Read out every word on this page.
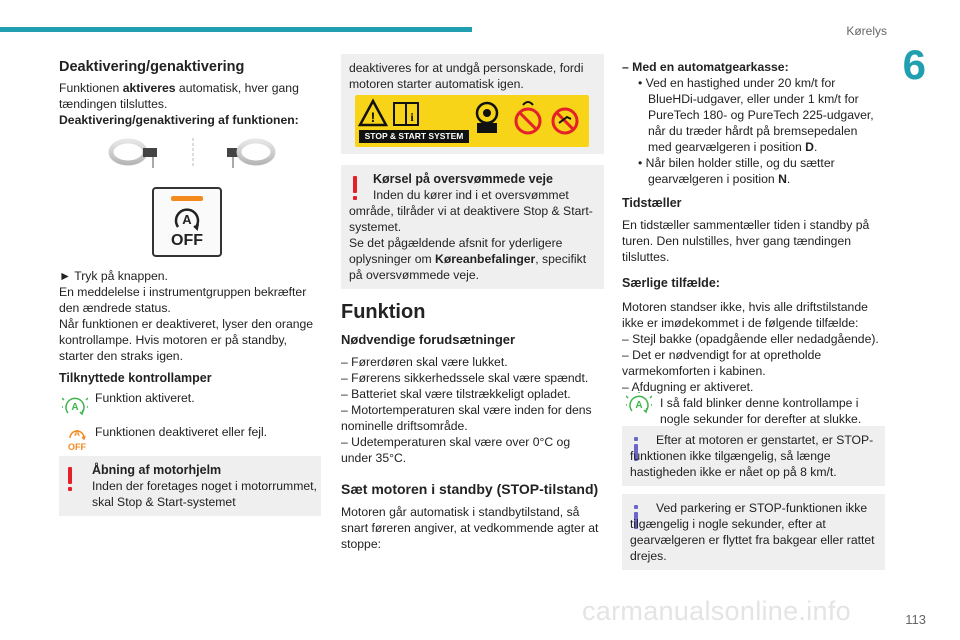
Kørelys
6
113
carmanualsonline.info
Deaktivering/genaktivering

Funktionen aktiveres automatisk, hver gang tændingen tilsluttes.

Deaktivering/genaktivering af funktionen:

A
OFF

► Tryk på knappen.

En meddelelse i instrumentgruppen bekræfter den ændrede status.

Når funktionen er deaktiveret, lyser den orange kontrollampe. Hvis motoren er på standby, starter den straks igen.

Tilknyttede kontrollamper
A
Funktion aktiveret.
A
OFF
Funktionen deaktiveret eller fejl.
Åbning af motorhjelm
Inden der foretages noget i motorrummet, skal Stop & Start-systemet

deaktiveres for at undgå personskade, fordi motoren starter automatisk igen.

!	i
STOP & START SYSTEM
Kørsel på oversvømmede veje

Inden du kører ind i et oversvømmet område, tilråder vi at deaktivere Stop & Start-systemet.

Se det pågældende afsnit for yderligere oplysninger om Køreanbefalinger, specifikt på oversvømmede veje.

Funktion
Nødvendige forudsætninger

– Førerdøren skal være lukket.

– Førerens sikkerhedssele skal være spændt.

– Batteriet skal være tilstrækkeligt opladet.

– Motortemperaturen skal være inden for dens nominelle driftsområde.

– Udetemperaturen skal være over 0°C og under 35°C.

Sæt motoren i standby (STOP-tilstand)

Motoren går automatisk i standbytilstand, så snart føreren angiver, at vedkommende agter at stoppe:

– Med en automatgearkasse:

• Ved en hastighed under 20 km/t for BlueHDi-udgaver, eller under 1 km/t for PureTech 180- og PureTech 225-udgaver, når du træder hårdt på bremsepedalen med gearvælgeren i position D.

• Når bilen holder stille, og du sætter gearvælgeren i position N.

Tidstæller

En tidstæller sammentæller tiden i standby på turen. Den nulstilles, hver gang tændingen tilsluttes.

Særlige tilfælde:

Motoren standser ikke, hvis alle driftstilstande ikke er imødekommet i de følgende tilfælde:

– Stejl bakke (opadgående eller nedadgående).

– Det er nødvendigt for at opretholde varmekomforten i kabinen.

– Afdugning er aktiveret.

I så fald blinker denne kontrollampe i nogle sekunder for derefter at slukke.

A

Efter at motoren er genstartet, er STOP-funktionen ikke tilgængelig, så længe hastigheden ikke er nået op på 8 km/t.

Ved parkering er STOP-funktionen ikke tilgængelig i nogle sekunder, efter at gearvælgeren er flyttet fra bakgear eller rattet drejes.
